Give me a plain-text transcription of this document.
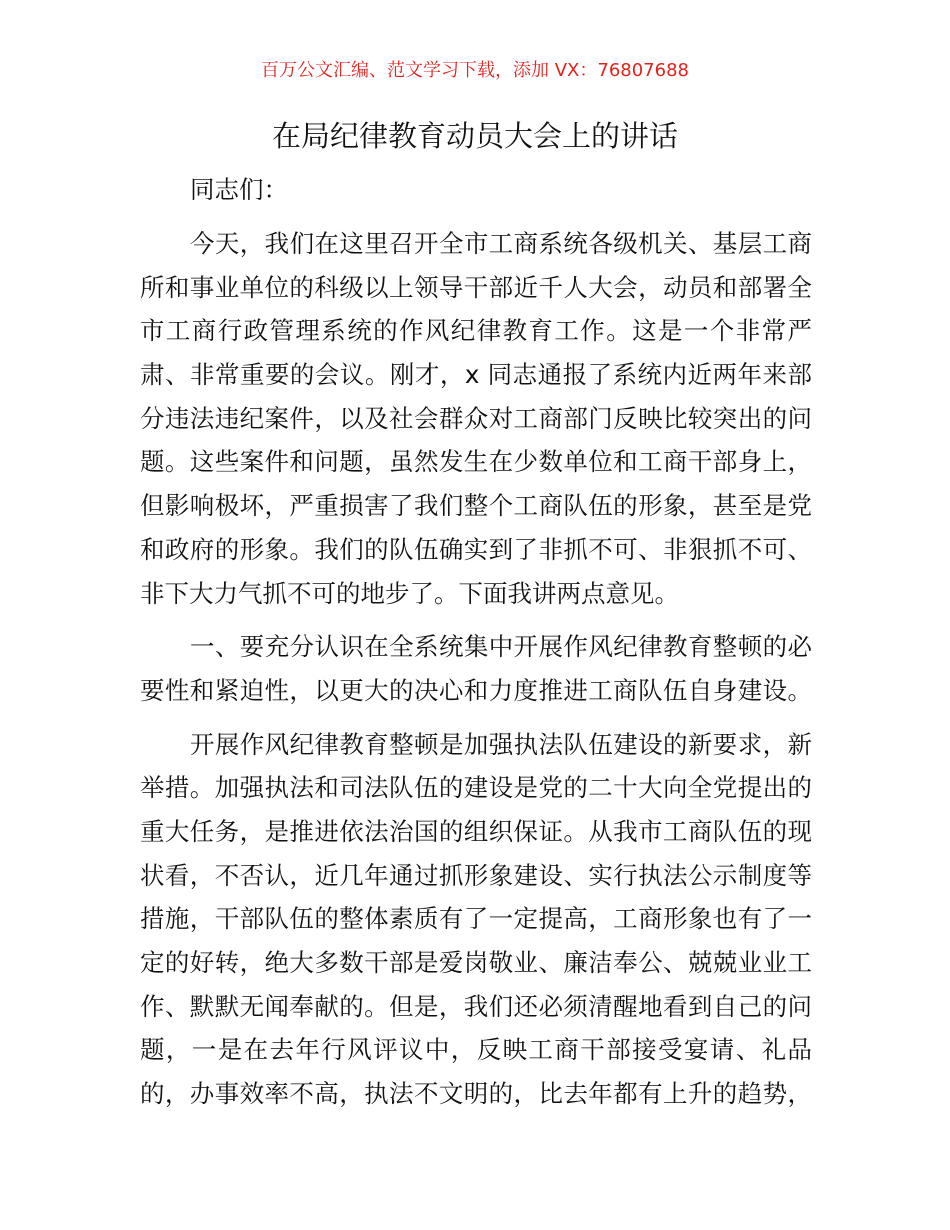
百万公文汇编、范文学习下载，添加 VX：76807688
在局纪律教育动员大会上的讲话
同志们：
今天，我们在这里召开全市工商系统各级机关、基层工商
所和事业单位的科级以上领导干部近千人大会，动员和部署全
市工商行政管理系统的作风纪律教育工作。这是一个非常严
肃、非常重要的会议。刚才，x 同志通报了系统内近两年来部
分违法违纪案件，以及社会群众对工商部门反映比较突出的问
题。这些案件和问题，虽然发生在少数单位和工商干部身上，
但影响极坏，严重损害了我们整个工商队伍的形象，甚至是党
和政府的形象。我们的队伍确实到了非抓不可、非狠抓不可、
非下大力气抓不可的地步了。下面我讲两点意见。
一、要充分认识在全系统集中开展作风纪律教育整顿的必
要性和紧迫性，以更大的决心和力度推进工商队伍自身建设。
开展作风纪律教育整顿是加强执法队伍建设的新要求，新
举措。加强执法和司法队伍的建设是党的二十大向全党提出的
重大任务，是推进依法治国的组织保证。从我市工商队伍的现
状看，不否认，近几年通过抓形象建设、实行执法公示制度等
措施，干部队伍的整体素质有了一定提高，工商形象也有了一
定的好转，绝大多数干部是爱岗敬业、廉洁奉公、兢兢业业工
作、默默无闻奉献的。但是，我们还必须清醒地看到自己的问
题，一是在去年行风评议中，反映工商干部接受宴请、礼品
的，办事效率不高，执法不文明的，比去年都有上升的趋势，
